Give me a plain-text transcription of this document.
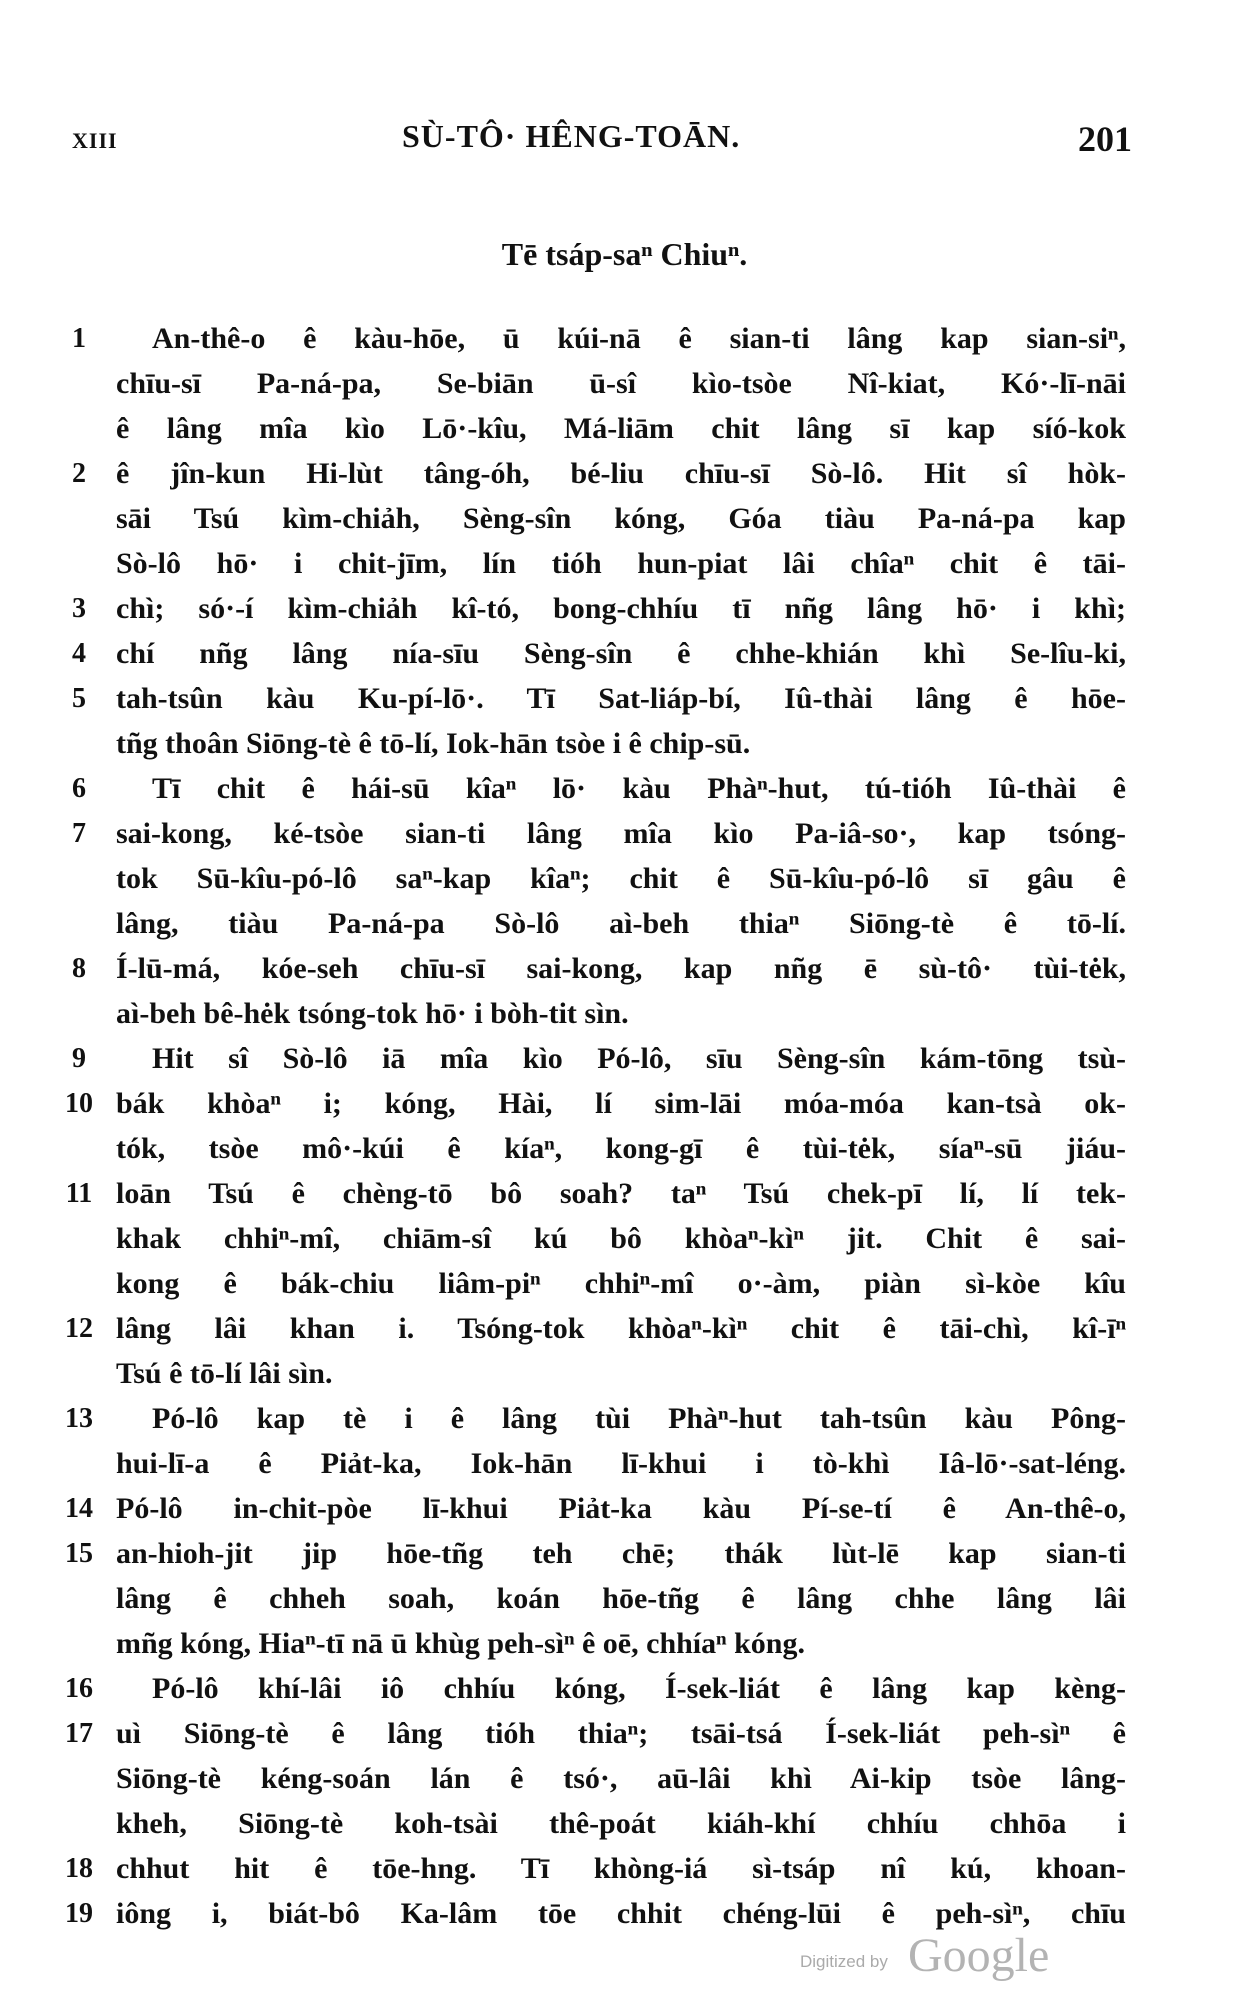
XIII	SÙ-TÔ· HÊNG-TOĀN.	201
Tē tsáp-saⁿ Chiuⁿ.
1 An-thê-o ê kàu-hōe, ū kúi-nā ê sian-ti lâng kap sian-siⁿ,
chīu-sī Pa-ná-pa, Se-biān ū-sî kìo-tsòe Nî-kiat, Kó·-lī-nāi
ê lâng mîa kìo Lō·-kîu, Má-liām chit lâng sī kap síó-kok
2 ê jîn-kun Hi-lùt tâng-óh, bé-liu chīu-sī Sò-lô. Hit sî hòk-
sāi Tsú kìm-chiảh, Sèng-sîn kóng, Góa tiàu Pa-ná-pa kap
Sò-lô hō· i chit-jīm, lín tióh hun-piat lâi chîaⁿ chit ê tāi-
3 chì; só·-í kìm-chiảh kî-tó, bong-chhíu tī nñg lâng hō· i khì;
4 chí nñg lâng nía-sīu Sèng-sîn ê chhe-khián khì Se-lîu-ki,
5 tah-tsûn kàu Ku-pí-lō·. Tī Sat-liáp-bí, Iû-thài lâng ê hōe-
tñg thoân Siōng-tè ê tō-lí, Iok-hān tsòe i ê chip-sū.
6 Tī chit ê hái-sū kîaⁿ lō· kàu Phàⁿ-hut, tú-tióh Iû-thài ê
7 sai-kong, ké-tsòe sian-ti lâng mîa kìo Pa-iâ-so·, kap tsóng-
tok Sū-kîu-pó-lô saⁿ-kap kîaⁿ; chit ê Sū-kîu-pó-lô sī gâu ê
lâng, tiàu Pa-ná-pa Sò-lô aì-beh thiaⁿ Siōng-tè ê tō-lí.
8 Í-lū-má, kóe-seh chīu-sī sai-kong, kap nñg ē sù-tô· tùi-tėk,
aì-beh bê-hėk tsóng-tok hō· i bòh-tit sìn.
9 Hit sî Sò-lô iā mîa kìo Pó-lô, sīu Sèng-sîn kám-tōng tsù-
10 bák khòaⁿ i; kóng, Hài, lí sim-lāi móa-móa kan-tsà ok-
tók, tsòe mô·-kúi ê kíaⁿ, kong-gī ê tùi-tėk, síaⁿ-sū jiáu-
11 loān Tsú ê chèng-tō bô soah? taⁿ Tsú chek-pī lí, lí tek-
khak chhiⁿ-mî, chiām-sî kú bô khòaⁿ-kìⁿ jit. Chit ê sai-
kong ê bák-chiu liâm-piⁿ chhiⁿ-mî o·-àm, piàn sì-kòe kîu
12 lâng lâi khan i. Tsóng-tok khòaⁿ-kìⁿ chit ê tāi-chì, kî-īⁿ
Tsú ê tō-lí lâi sìn.
13 Pó-lô kap tè i ê lâng tùi Phàⁿ-hut tah-tsûn kàu Pông-
hui-lī-a ê Piảt-ka, Iok-hān lī-khui i tò-khì Iâ-lō·-sat-léng.
14 Pó-lô in-chit-pòe lī-khui Piảt-ka kàu Pí-se-tí ê An-thê-o,
15 an-hioh-jit jip hōe-tñg teh chē; thák lùt-lē kap sian-ti
lâng ê chheh soah, koán hōe-tñg ê lâng chhe lâng lâi
mñg kóng, Hiaⁿ-tī nā ū khùg peh-sìⁿ ê oē, chhíaⁿ kóng.
16 Pó-lô khí-lâi iô chhíu kóng, Í-sek-liát ê lâng kap kèng-
17 uì Siōng-tè ê lâng tióh thiaⁿ; tsāi-tsá Í-sek-liát peh-sìⁿ ê
Siōng-tè kéng-soán lán ê tsó·, aū-lâi khì Ai-kip tsòe lâng-
kheh, Siōng-tè koh-tsài thê-poát kiáh-khí chhíu chhōa i
18 chhut hit ê tōe-hng. Tī khòng-iá sì-tsáp nî kú, khoan-
19 iông i, biát-bô Ka-lâm tōe chhit chéng-lūi ê peh-sìⁿ, chīu
Digitized by Google
